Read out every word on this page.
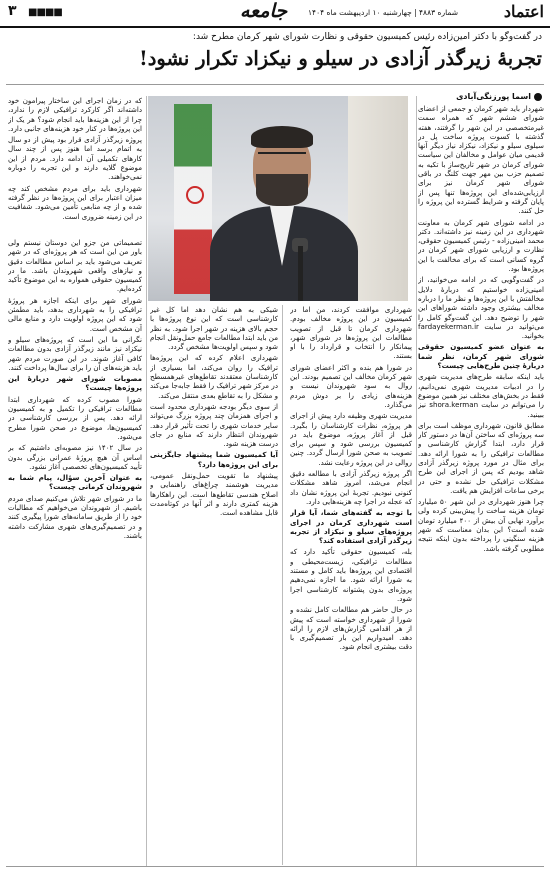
اعتماد
شماره ۴۸۸۳ | چهارشنبه ۱۰ اردیبهشت ماه ۱۴۰۴
جامعه
■■■■
۳
در گفت‌وگو با دکتر امین‌زاده رئیس کمیسیون حقوقی و نظارت شورای شهر کرمان مطرح شد:
تجربهٔ زیرگذر آزادی در سیلو و نیکزاد تکرار نشود!
اسما پورزنگی‌آبادی

شهردار باید شهر کرمان و جمعی از اعضای شورای ششم شهر که همراه سمت غیرمتخصصی در این شهر را گرفتند، هفته گذشته با کسوت پروژه ساخت پل در سیلوی سیلو و نیکزاد، نیکزاد نیاز دیگر آنها قدیمی میان عوامل و مخالفان این سیاست شورای کرمان در شهر تاریخ‌ساز با تکیه به تصمیم حزب بین مهر جهت کلنگ در باقی شورای شهر کرمان نیز برای ارزیابی‌شده‌ای این پروژه‌ها تنها پس از پایان گرفته و شرایط گسترده این پروژه را حل کنند.

در ادامه شورای شهر کرمان به معاونت شهرداری در این زمینه نیز داشته‌اند. دکتر محمد امینی‌زاده - رئیس کمیسیون حقوقی، نظارت و ارزیابی شورای شهر کرمان در گروه کسانی است که برای مخالفت با این پروژه‌ها بود.

در گفت‌وگویی که در ادامه می‌خوانید، از امینی‌زاده خواستیم که دربارهٔ دلایل مخالفتش با این پروژه‌ها و نظر ما را درباره مخالف بیشتری وجود داشته شوراهای این شهر را توضیح دهد. این گفت‌وگو کامل را می‌توانید در سایت fardayekerman.ir بخوانید.

به عنوان عضو کمیسیون حقوقی شورای شهر کرمان، نظر شما دربارهٔ چنین طرح‌هایی چیست؟

باید اینکه سابقه طرح‌های مدیریت شهری را در ادبیات مدیریت شهری نمی‌دانیم، فقط در بخش‌های مختلف نیز همین موضوع را می‌توانم در سایت shora.kerman نیز ببینید.

مطابق قانون، شهرداری موظف است برای سه پروژه‌ای که ساختن آن‌ها در دستور کار قرار دارد، ابتدا گزارش کارشناسی و مطالعات ترافیکی را به شورا ارائه دهد. برای مثال در مورد پروژه زیرگذر آزادی شاهد بودیم که پس از اجرای این طرح مشکلات ترافیکی حل نشده و حتی در برخی ساعات افزایش هم یافت.

چرا هنوز شهرداری در این شهر ۵۰ میلیارد تومان هزینه ساخت را پیش‌بینی کرده ولی برآورد نهایی آن بیش از ۴۰۰ میلیارد تومان شده است؟ این بدان معناست که شهر هزینه سنگینی را پرداخته بدون اینکه نتیجه مطلوبی گرفته باشد.

شهرداری موافقت کردند، من اما در کمیسیون در این پروژه مخالف بودم. شهرداری کرمان تا قبل از تصویب مطالعات این پروژه‌ها در شورای شهر، پیمانکار را انتخاب و قرارداد را با او بستند.

در شورا هم بنده و اکثر اعضای شورای شهر کرمان مخالف این تصمیم بودند. این روال به سود شهروندان نیست و هزینه‌های زیادی را بر دوش مردم می‌گذارد.

مدیریت شهری وظیفه دارد پیش از اجرای هر پروژه، نظرات کارشناسان را بگیرد. قبل از آغاز پروژه، موضوع باید در کمیسیون بررسی شود و سپس برای تصویب به صحن شورا ارسال گردد. چنین روالی در این پروژه رعایت نشد.

اگر پروژه زیرگذر آزادی با مطالعه دقیق انجام می‌شد، امروز شاهد مشکلات کنونی نبودیم. تجربهٔ این پروژه نشان داد که عجله در اجرا چه هزینه‌هایی دارد.

با توجه به گفته‌های شما، آیا قرار است شهرداری کرمان در اجرای پروژه‌های سیلو و نیکزاد از تجربه زیرگذر آزادی استفاده کند؟

بله، کمیسیون حقوقی تأکید دارد که مطالعات ترافیکی، زیست‌محیطی و اقتصادی این پروژه‌ها باید کامل و مستند به شورا ارائه شود. ما اجازه نمی‌دهیم پروژه‌ای بدون پشتوانه کارشناسی اجرا شود.

در حال حاضر هم مطالعات کامل نشده و شورا از شهرداری خواسته است که پیش از هر اقدامی گزارش‌های لازم را ارائه دهد. امیدواریم این بار تصمیم‌گیری با دقت بیشتری انجام شود.

شیکی به هم نشان دهد اما کل غیر کارشناسی است که این نوع پروژه‌ها با حجم بالای هزینه در شهر اجرا شود. به نظر من باید ابتدا مطالعات جامع حمل‌ونقل انجام شود و سپس اولویت‌ها مشخص گردد.

شهرداری اعلام کرده که این پروژه‌ها ترافیک را روان می‌کند، اما بسیاری از کارشناسان معتقدند تقاطع‌های غیرهمسطح در مرکز شهر ترافیک را فقط جابه‌جا می‌کند و مشکل را به تقاطع بعدی منتقل می‌کند.

از سوی دیگر بودجه شهرداری محدود است و اجرای همزمان چند پروژه بزرگ می‌تواند سایر خدمات شهری را تحت تأثیر قرار دهد. شهروندان انتظار دارند که منابع در جای درست هزینه شود.

آیا کمیسیون شما پیشنهاد جایگزینی برای این پروژه‌ها دارد؟

پیشنهاد ما تقویت حمل‌ونقل عمومی، مدیریت هوشمند چراغ‌های راهنمایی و اصلاح هندسی تقاطع‌ها است. این راهکارها هزینه کمتری دارند و اثر آنها در کوتاه‌مدت قابل مشاهده است.

که در زمان اجرای این ساختار پیرامون خود داشته‌اند اگر کارکرد ترافیکی لازم را ندارد، چرا از این هزینه‌ها باید انجام شود؟ هر یک از این پروژه‌ها در کنار خود هزینه‌های جانبی دارد.

پروژه زیرگذر آزادی قرار بود پیش از دو سال به اتمام برسد اما هنوز پس از چند سال کارهای تکمیلی آن ادامه دارد. مردم از این موضوع گلایه دارند و این تجربه را دوباره نمی‌خواهند.

شهرداری باید برای مردم مشخص کند چه میزان اعتبار برای این پروژه‌ها در نظر گرفته شده و از چه منابعی تأمین می‌شود. شفافیت در این زمینه ضروری است.

تصمیماتی من جزو این دوستان نیستم ولی باور من این است که هر پروژه‌ای که در شهر تعریف می‌شود باید بر اساس مطالعات دقیق و نیازهای واقعی شهروندان باشد. ما در کمیسیون حقوقی همواره به این موضوع تأکید کرده‌ایم.

شورای شهر برای اینکه اجازه هر پروژهٔ ترافیکی را به شهرداری بدهد، باید مطمئن شود که این پروژه اولویت دارد و منابع مالی آن مشخص است.

نگرانی ما این است که پروژه‌های سیلو و نیکزاد نیز مانند زیرگذر آزادی بدون مطالعات کافی آغاز شوند. در این صورت مردم شهر باید هزینه‌های آن را برای سال‌ها پرداخت کنند.

مصوبات شورای شهر دربارهٔ این پروژه‌ها چیست؟

شورا مصوب کرده که شهرداری ابتدا مطالعات ترافیکی را تکمیل و به کمیسیون ارائه دهد. پس از بررسی کارشناسی در کمیسیون‌ها، موضوع در صحن شورا مطرح می‌شود.

در سال ۱۴۰۲ نیز مصوبه‌ای داشتیم که بر اساس آن هیچ پروژهٔ عمرانی بزرگی بدون تأیید کمیسیون‌های تخصصی آغاز نشود.

به عنوان آخرین سؤال، پیام شما به شهروندان کرمانی چیست؟

ما در شورای شهر تلاش می‌کنیم صدای مردم باشیم. از شهروندان می‌خواهیم که مطالبات خود را از طریق سامانه‌های شورا پیگیری کنند و در تصمیم‌گیری‌های شهری مشارکت داشته باشند.
